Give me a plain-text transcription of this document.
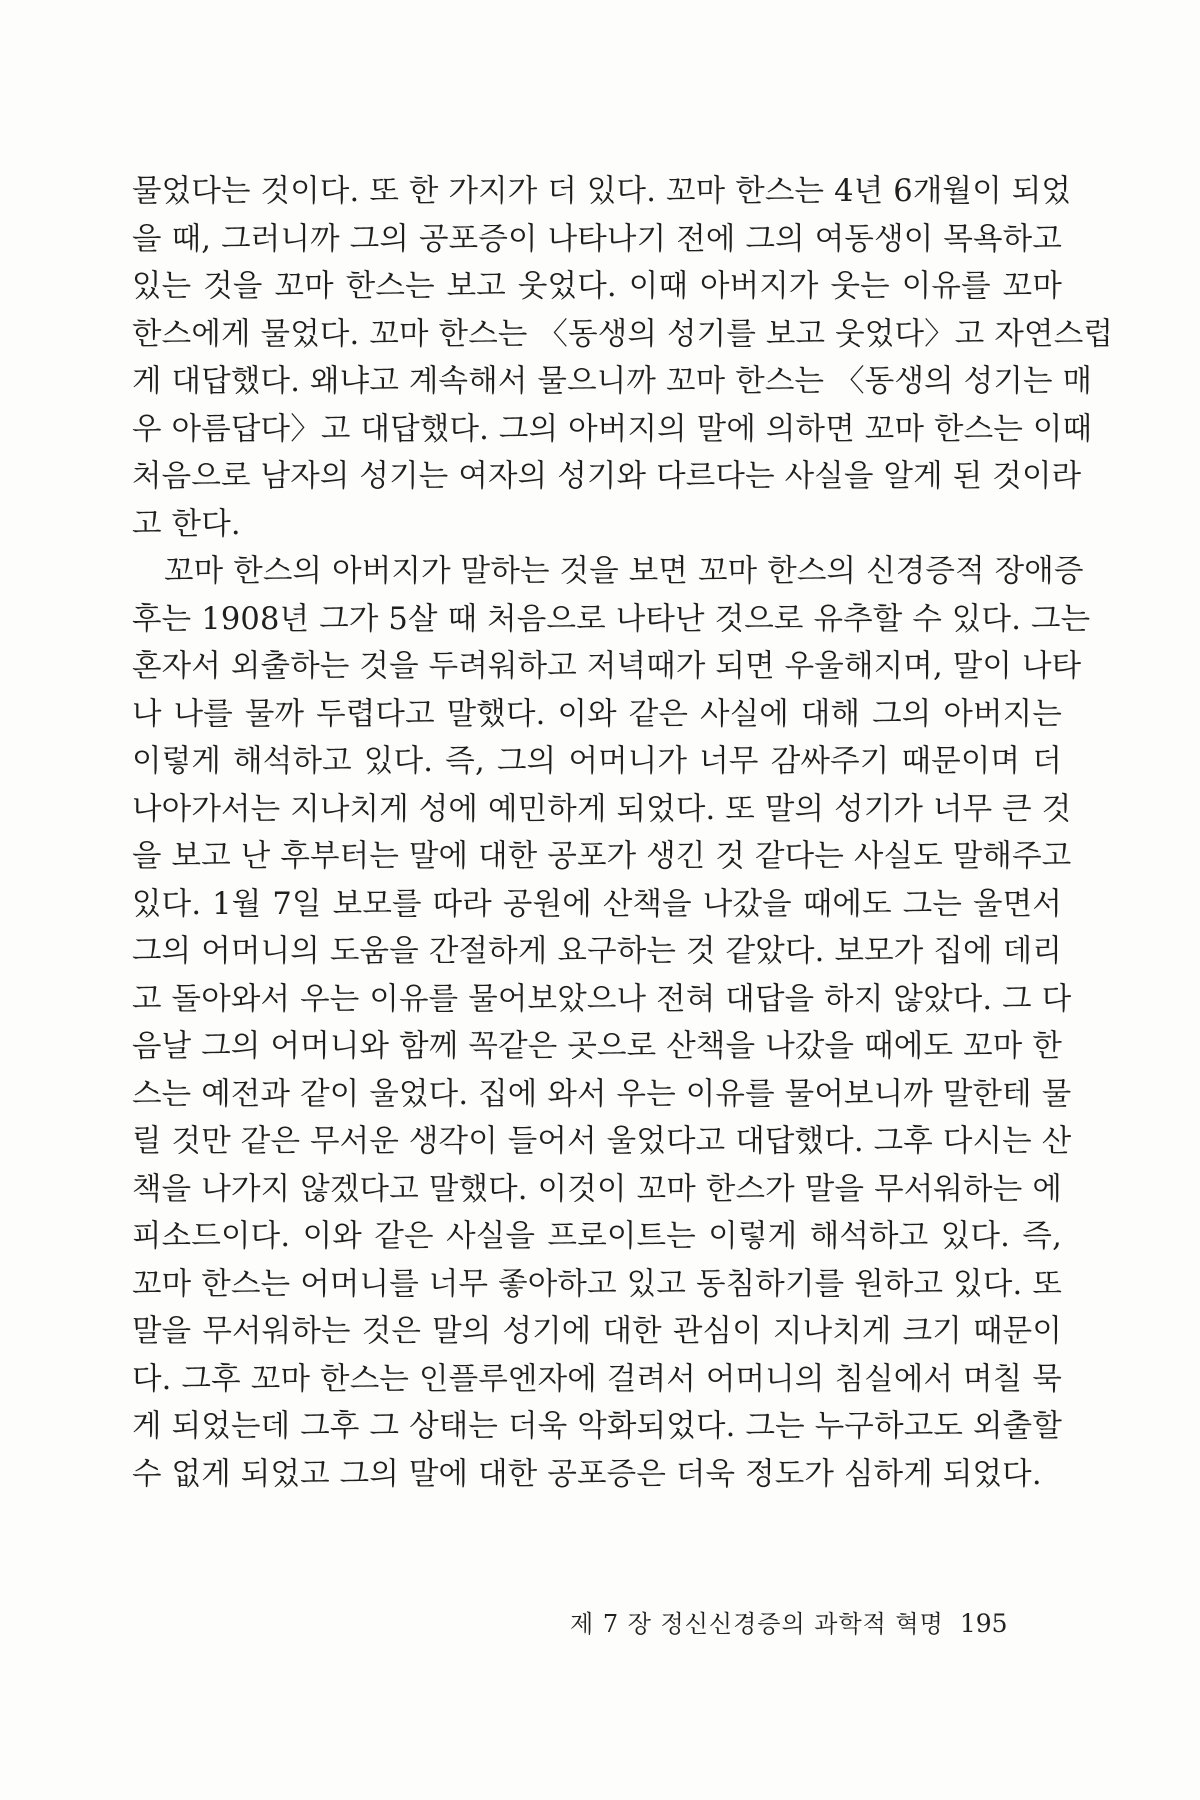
물었다는 것이다. 또 한 가지가 더 있다. 꼬마 한스는 4년 6개월이 되었
을 때, 그러니까 그의 공포증이 나타나기 전에 그의 여동생이 목욕하고
있는 것을 꼬마 한스는 보고 웃었다. 이때 아버지가 웃는 이유를 꼬마
한스에게 물었다. 꼬마 한스는 〈동생의 성기를 보고 웃었다〉고 자연스럽
게 대답했다. 왜냐고 계속해서 물으니까 꼬마 한스는 〈동생의 성기는 매
우 아름답다〉고 대답했다. 그의 아버지의 말에 의하면 꼬마 한스는 이때
처음으로 남자의 성기는 여자의 성기와 다르다는 사실을 알게 된 것이라
고 한다.
꼬마 한스의 아버지가 말하는 것을 보면 꼬마 한스의 신경증적 장애증
후는 1908년 그가 5살 때 처음으로 나타난 것으로 유추할 수 있다. 그는
혼자서 외출하는 것을 두려워하고 저녁때가 되면 우울해지며, 말이 나타
나 나를 물까 두렵다고 말했다. 이와 같은 사실에 대해 그의 아버지는
이렇게 해석하고 있다. 즉, 그의 어머니가 너무 감싸주기 때문이며 더
나아가서는 지나치게 성에 예민하게 되었다. 또 말의 성기가 너무 큰 것
을 보고 난 후부터는 말에 대한 공포가 생긴 것 같다는 사실도 말해주고
있다. 1월 7일 보모를 따라 공원에 산책을 나갔을 때에도 그는 울면서
그의 어머니의 도움을 간절하게 요구하는 것 같았다. 보모가 집에 데리
고 돌아와서 우는 이유를 물어보았으나 전혀 대답을 하지 않았다. 그 다
음날 그의 어머니와 함께 꼭같은 곳으로 산책을 나갔을 때에도 꼬마 한
스는 예전과 같이 울었다. 집에 와서 우는 이유를 물어보니까 말한테 물
릴 것만 같은 무서운 생각이 들어서 울었다고 대답했다. 그후 다시는 산
책을 나가지 않겠다고 말했다. 이것이 꼬마 한스가 말을 무서워하는 에
피소드이다. 이와 같은 사실을 프로이트는 이렇게 해석하고 있다. 즉,
꼬마 한스는 어머니를 너무 좋아하고 있고 동침하기를 원하고 있다. 또
말을 무서워하는 것은 말의 성기에 대한 관심이 지나치게 크기 때문이
다. 그후 꼬마 한스는 인플루엔자에 걸려서 어머니의 침실에서 며칠 묵
게 되었는데 그후 그 상태는 더욱 악화되었다. 그는 누구하고도 외출할
수 없게 되었고 그의 말에 대한 공포증은 더욱 정도가 심하게 되었다.
제 7 장 정신신경증의 과학적 혁명 195
